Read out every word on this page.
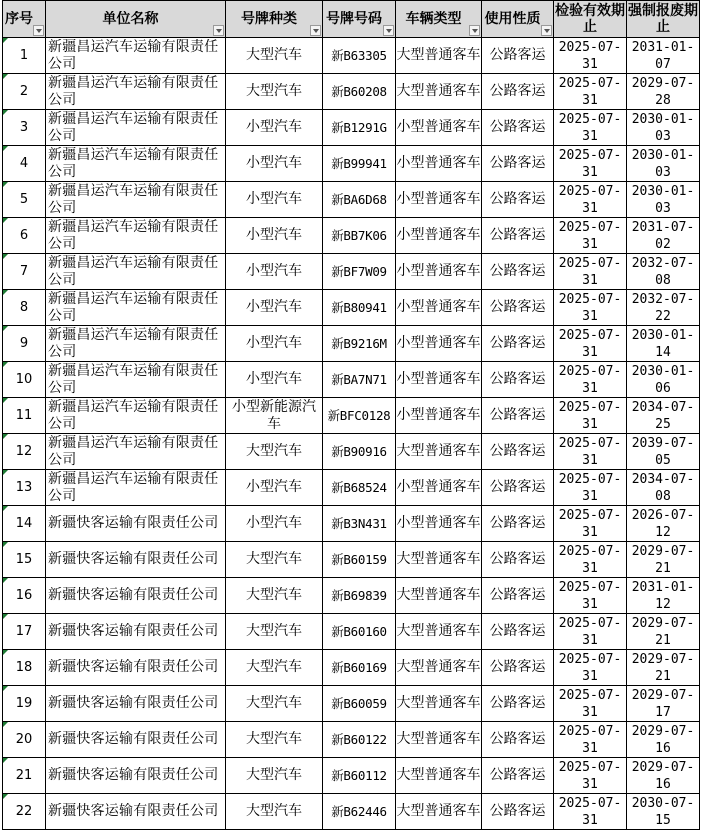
序号	单位名称	号牌种类	号牌号码	车辆类型	使用性质	检验有效期止	强制报废期止

1	新疆昌运汽车运输有限责任公司	大型汽车	新B63305	大型普通客车	公路客运	2025-07-31	2031-01-07

2	新疆昌运汽车运输有限责任公司	大型汽车	新B60208	大型普通客车	公路客运	2025-07-31	2029-07-28

3	新疆昌运汽车运输有限责任公司	小型汽车	新B1291G	小型普通客车	公路客运	2025-07-31	2030-01-03

4	新疆昌运汽车运输有限责任公司	小型汽车	新B99941	小型普通客车	公路客运	2025-07-31	2030-01-03

5	新疆昌运汽车运输有限责任公司	小型汽车	新BA6D68	小型普通客车	公路客运	2025-07-31	2030-01-03

6	新疆昌运汽车运输有限责任公司	小型汽车	新BB7K06	小型普通客车	公路客运	2025-07-31	2031-07-02

7	新疆昌运汽车运输有限责任公司	小型汽车	新BF7W09	小型普通客车	公路客运	2025-07-31	2032-07-08

8	新疆昌运汽车运输有限责任公司	小型汽车	新B80941	小型普通客车	公路客运	2025-07-31	2032-07-22

9	新疆昌运汽车运输有限责任公司	小型汽车	新B9216M	小型普通客车	公路客运	2025-07-31	2030-01-14

10	新疆昌运汽车运输有限责任公司	小型汽车	新BA7N71	小型普通客车	公路客运	2025-07-31	2030-01-06

11	新疆昌运汽车运输有限责任公司	小型新能源汽车	新BFC0128	小型普通客车	公路客运	2025-07-31	2034-07-25

12	新疆昌运汽车运输有限责任公司	大型汽车	新B90916	大型普通客车	公路客运	2025-07-31	2039-07-05

13	新疆昌运汽车运输有限责任公司	小型汽车	新B68524	小型普通客车	公路客运	2025-07-31	2034-07-08

14	新疆快客运输有限责任公司	小型汽车	新B3N431	小型普通客车	公路客运	2025-07-31	2026-07-12

15	新疆快客运输有限责任公司	大型汽车	新B60159	大型普通客车	公路客运	2025-07-31	2029-07-21

16	新疆快客运输有限责任公司	大型汽车	新B69839	大型普通客车	公路客运	2025-07-31	2031-01-12

17	新疆快客运输有限责任公司	大型汽车	新B60160	大型普通客车	公路客运	2025-07-31	2029-07-21

18	新疆快客运输有限责任公司	大型汽车	新B60169	大型普通客车	公路客运	2025-07-31	2029-07-21

19	新疆快客运输有限责任公司	大型汽车	新B60059	大型普通客车	公路客运	2025-07-31	2029-07-17

20	新疆快客运输有限责任公司	大型汽车	新B60122	大型普通客车	公路客运	2025-07-31	2029-07-16

21	新疆快客运输有限责任公司	大型汽车	新B60112	大型普通客车	公路客运	2025-07-31	2029-07-16

22	新疆快客运输有限责任公司	大型汽车	新B62446	大型普通客车	公路客运	2025-07-31	2030-07-15
